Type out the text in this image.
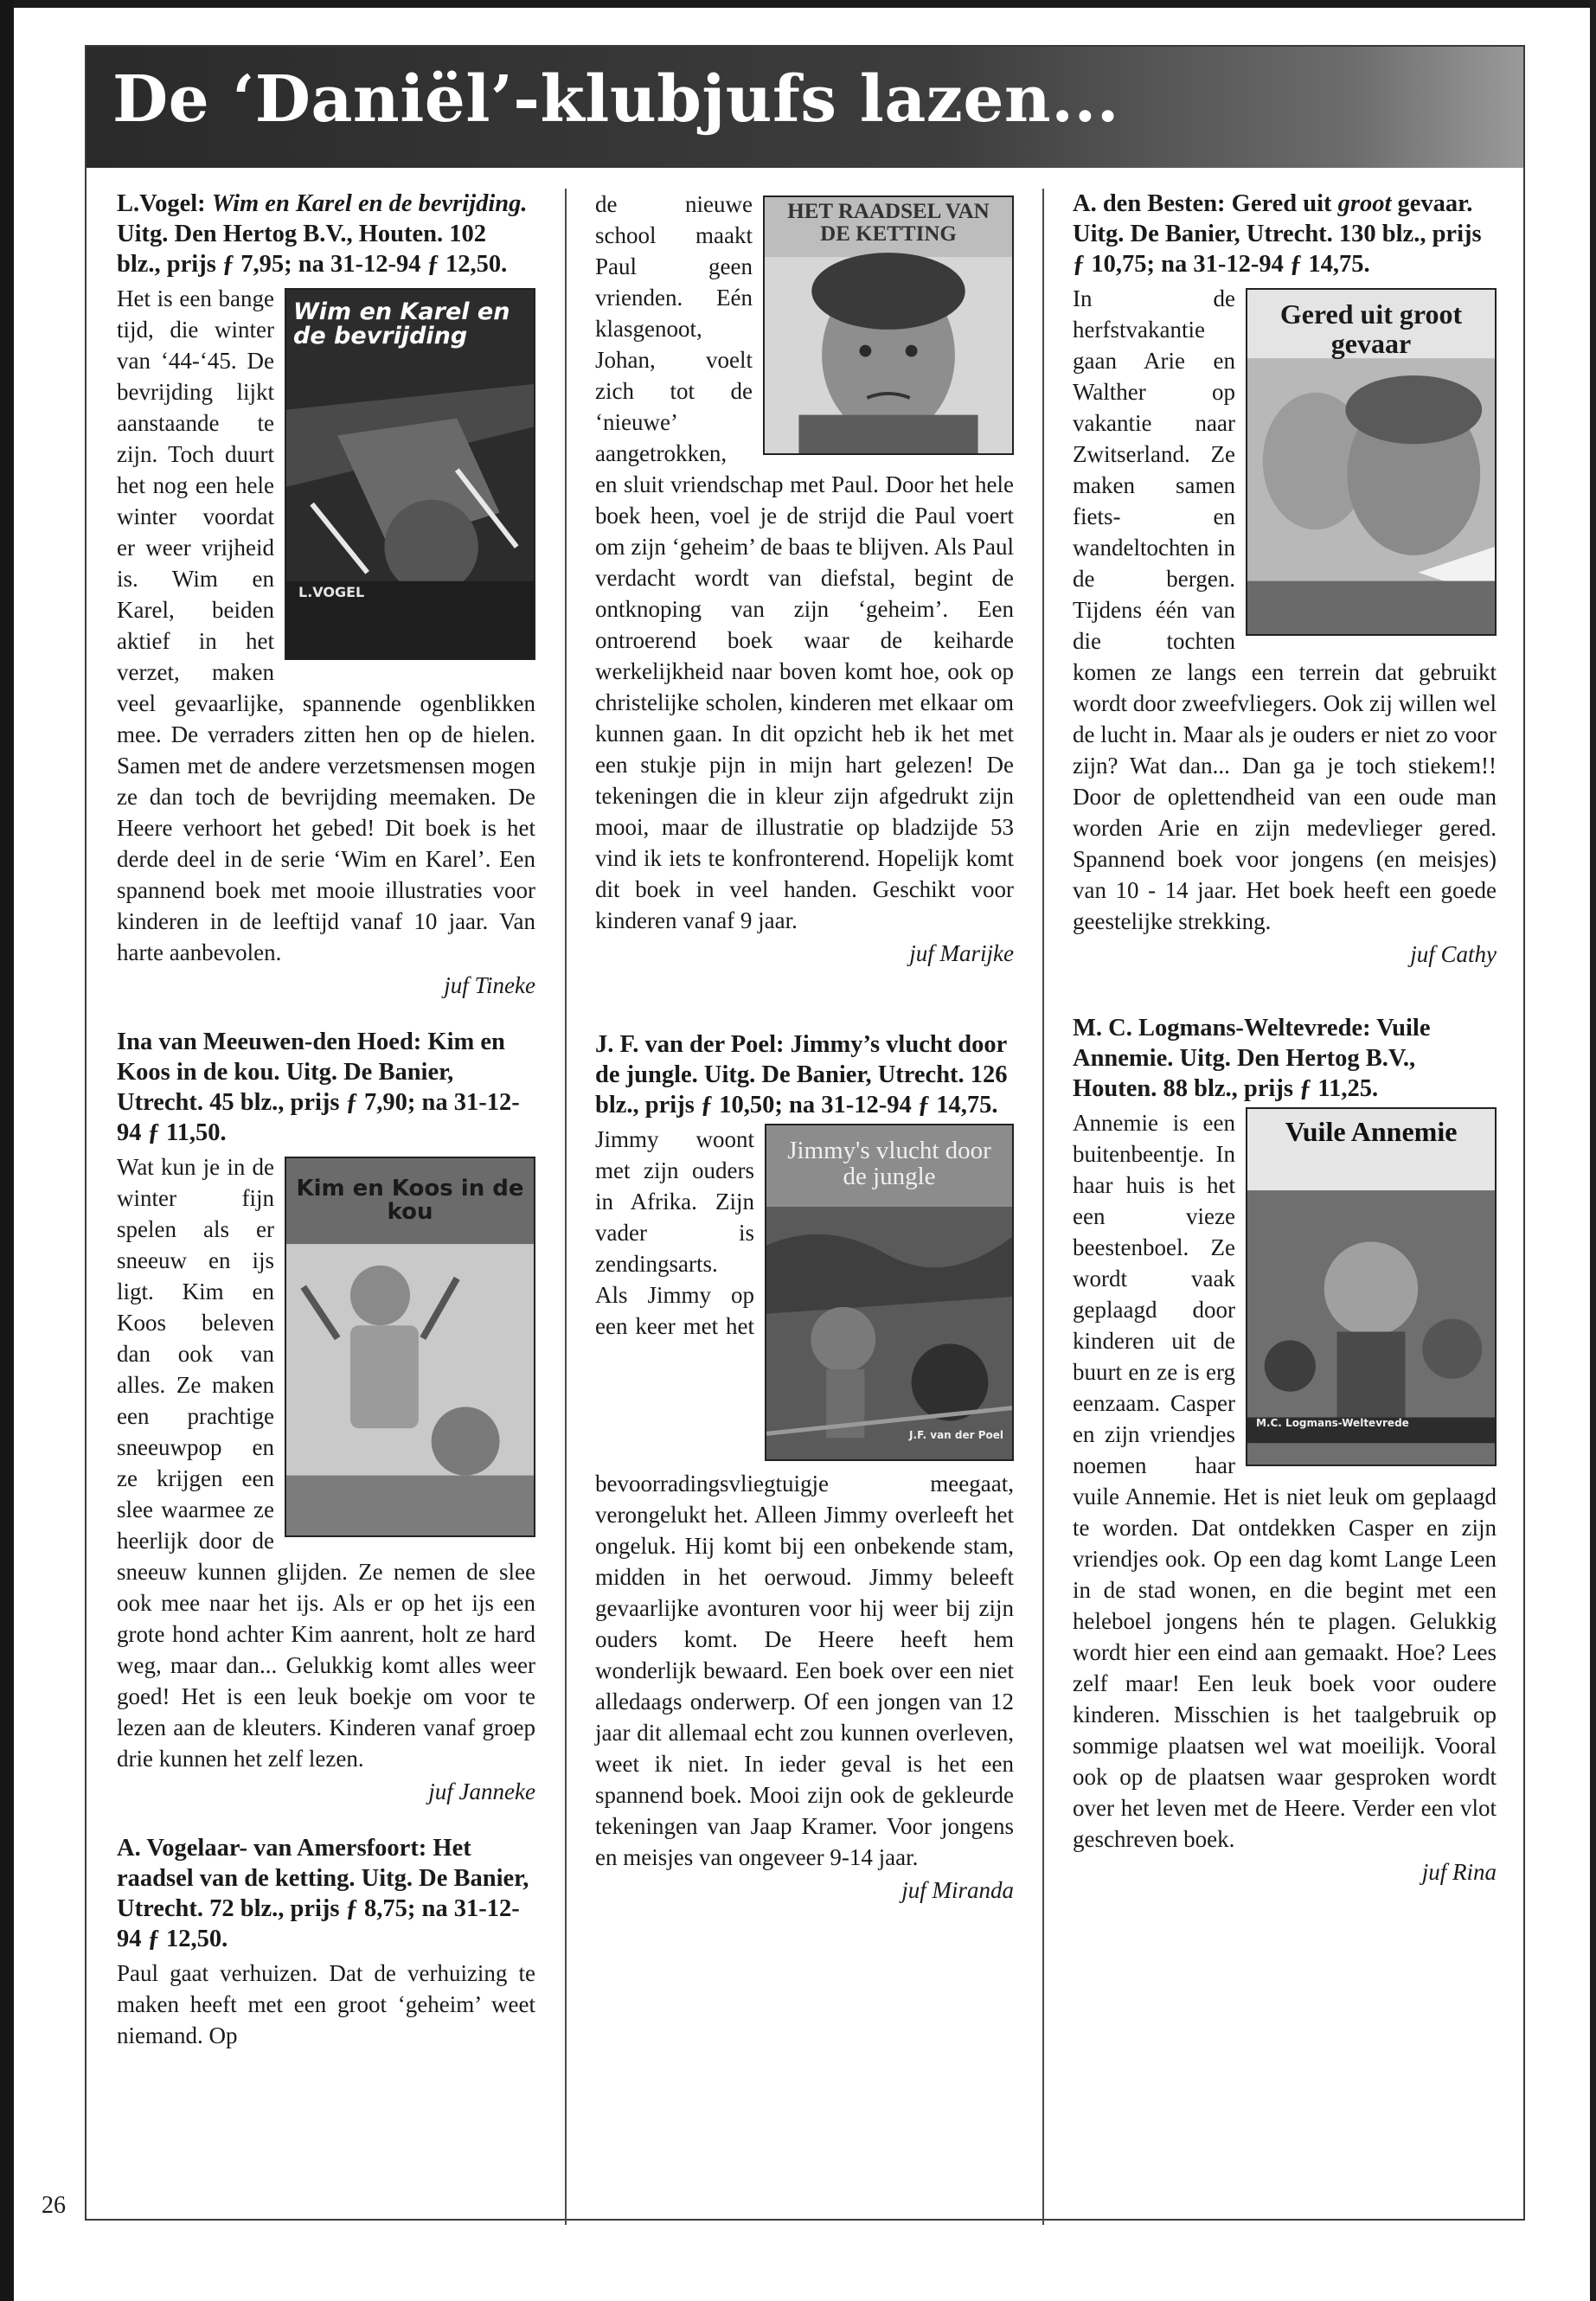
De ‘Daniël’-klubjufs lazen...

L.Vogel: Wim en Karel en de bevrijding. Uitg. Den Hertog B.V., Houten. 102 blz., prijs ƒ 7,95; na 31-12-94 ƒ 12,50.

Wim en Karel en de bevrijding
L.VOGEL
Het is een bange tijd, die winter van ‘44-‘45. De bevrijding lijkt aanstaande te zijn. Toch duurt het nog een hele winter voordat er weer vrijheid is. Wim en Karel, beiden aktief in het verzet, maken veel gevaarlijke, spannende ogenblikken mee. De verraders zitten hen op de hielen. Samen met de andere verzetsmensen mogen ze dan toch de bevrijding meemaken. De Heere verhoort het gebed! Dit boek is het derde deel in de serie ‘Wim en Karel’. Een spannend boek met mooie illustraties voor kinderen in de leeftijd vanaf 10 jaar. Van harte aanbevolen.
juf Tineke

Ina van Meeuwen-den Hoed: Kim en Koos in de kou. Uitg. De Banier, Utrecht. 45 blz., prijs ƒ 7,90; na 31-12-94 ƒ 11,50.

Kim en Koos in de kou
Wat kun je in de winter fijn spelen als er sneeuw en ijs ligt. Kim en Koos beleven dan ook van alles. Ze maken een prachtige sneeuwpop en ze krijgen een slee waarmee ze heerlijk door de sneeuw kunnen glijden. Ze nemen de slee ook mee naar het ijs. Als er op het ijs een grote hond achter Kim aanrent, holt ze hard weg, maar dan... Gelukkig komt alles weer goed! Het is een leuk boekje om voor te lezen aan de kleuters. Kinderen vanaf groep drie kunnen het zelf lezen.
juf Janneke

A. Vogelaar- van Amersfoort: Het raadsel van de ketting. Uitg. De Banier, Utrecht. 72 blz., prijs ƒ 8,75; na 31-12-94 ƒ 12,50.

Paul gaat verhuizen. Dat de verhuizing te maken heeft met een groot ‘geheim’ weet niemand. Op

HET RAADSEL VAN DE KETTING
de nieuwe school maakt Paul geen vrienden. Eén klasgenoot, Johan, voelt zich tot de ‘nieuwe’ aangetrokken, en sluit vriendschap met Paul. Door het hele boek heen, voel je de strijd die Paul voert om zijn ‘geheim’ de baas te blijven. Als Paul verdacht wordt van diefstal, begint de ontknoping van zijn ‘geheim’. Een ontroerend boek waar de keiharde werkelijkheid naar boven komt hoe, ook op christelijke scholen, kinderen met elkaar om kunnen gaan. In dit opzicht heb ik het met een stukje pijn in mijn hart gelezen! De tekeningen die in kleur zijn afgedrukt zijn mooi, maar de illustratie op bladzijde 53 vind ik iets te konfronterend. Hopelijk komt dit boek in veel handen. Geschikt voor kinderen vanaf 9 jaar.
juf Marijke

J. F. van der Poel: Jimmy’s vlucht door de jungle. Uitg. De Banier, Utrecht. 126 blz., prijs ƒ 10,50; na 31-12-94 ƒ 14,75.

Jimmy's vlucht door de jungle
J.F. van der Poel
Jimmy woont met zijn ouders in Afrika. Zijn vader is zendingsarts. Als Jimmy op een keer met het bevoorradingsvliegtuigje meegaat, verongelukt het. Alleen Jimmy overleeft het ongeluk. Hij komt bij een onbekende stam, midden in het oerwoud. Jimmy beleeft gevaarlijke avonturen voor hij weer bij zijn ouders komt. De Heere heeft hem wonderlijk bewaard. Een boek over een niet alledaags onderwerp. Of een jongen van 12 jaar dit allemaal echt zou kunnen overleven, weet ik niet. In ieder geval is het een spannend boek. Mooi zijn ook de gekleurde tekeningen van Jaap Kramer. Voor jongens en meisjes van ongeveer 9-14 jaar.
juf Miranda

A. den Besten: Gered uit groot gevaar. Uitg. De Banier, Utrecht. 130 blz., prijs ƒ 10,75; na 31-12-94 ƒ 14,75.

Gered uit groot gevaar
In de herfstvakantie gaan Arie en Walther op vakantie naar Zwitserland. Ze maken samen fiets- en wandeltochten in de bergen. Tijdens één van die tochten komen ze langs een terrein dat gebruikt wordt door zweefvliegers. Ook zij willen wel de lucht in. Maar als je ouders er niet zo voor zijn? Wat dan... Dan ga je toch stiekem!! Door de oplettendheid van een oude man worden Arie en zijn medevlieger gered. Spannend boek voor jongens (en meisjes) van 10 - 14 jaar. Het boek heeft een goede geestelijke strekking.
juf Cathy

M. C. Logmans-Weltevrede: Vuile Annemie. Uitg. Den Hertog B.V., Houten. 88 blz., prijs ƒ 11,25.

Vuile Annemie
M.C. Logmans-Weltevrede
Annemie is een buitenbeentje. In haar huis is het een vieze beestenboel. Ze wordt vaak geplaagd door kinderen uit de buurt en ze is erg eenzaam. Casper en zijn vriendjes noemen haar vuile Annemie. Het is niet leuk om geplaagd te worden. Dat ontdekken Casper en zijn vriendjes ook. Op een dag komt Lange Leen in de stad wonen, en die begint met een heleboel jongens hén te plagen. Gelukkig wordt hier een eind aan gemaakt. Hoe? Lees zelf maar! Een leuk boek voor oudere kinderen. Misschien is het taalgebruik op sommige plaatsen wel wat moeilijk. Vooral ook op de plaatsen waar gesproken wordt over het leven met de Heere. Verder een vlot geschreven boek.
juf Rina

26
